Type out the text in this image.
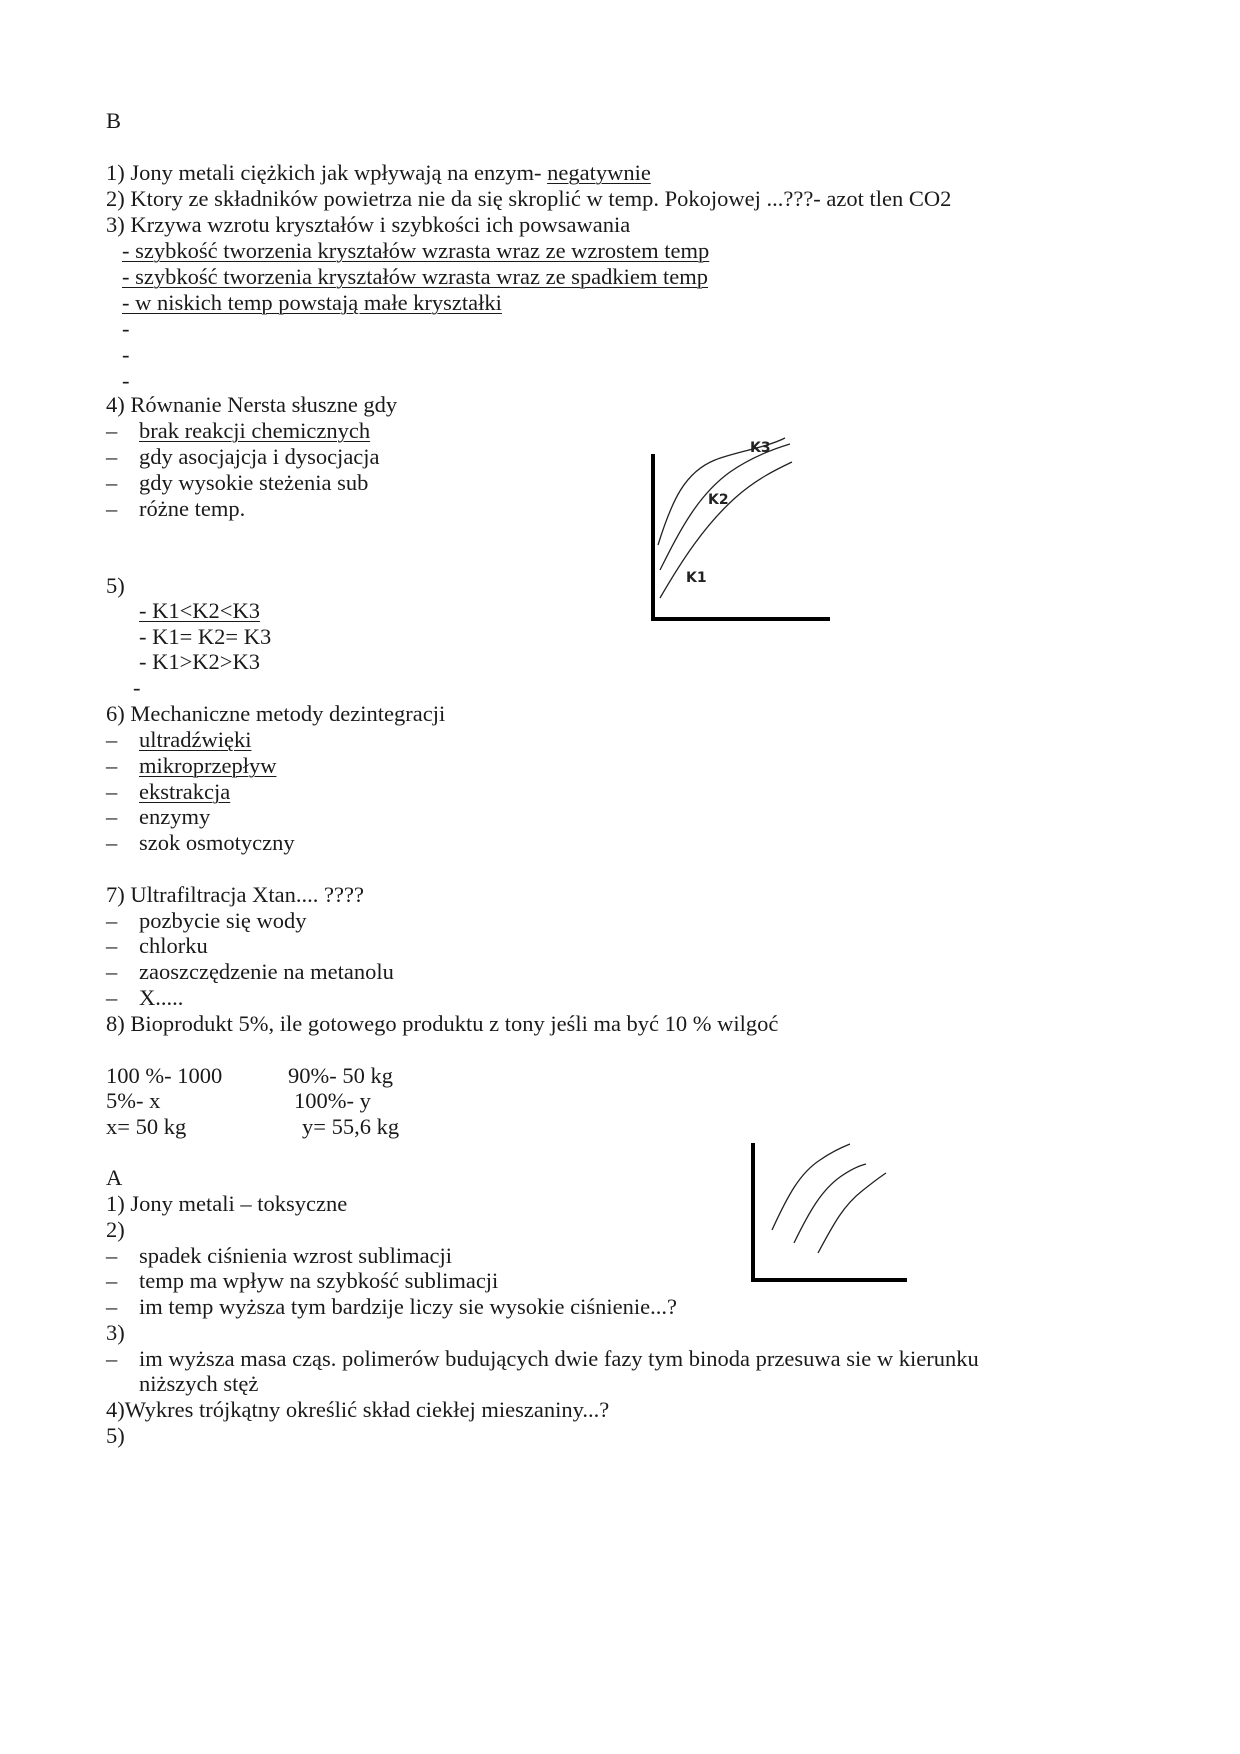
B
1) Jony metali ciężkich jak wpływają na enzym- negatywnie
2) Ktory ze składników powietrza nie da się skroplić w temp. Pokojowej ...???- azot tlen CO2
3) Krzywa wzrotu kryształów i szybkości ich powsawania
- szybkość tworzenia kryształów wzrasta wraz ze wzrostem temp
- szybkość tworzenia kryształów wzrasta wraz ze spadkiem temp
- w niskich temp powstają małe kryształki
-
-
-
4) Równanie Nersta słuszne gdy
– brak reakcji chemicznych
– gdy asocjajcja i dysocjacja
– gdy wysokie steżenia sub
– różne temp.
K1
K2
K3
5)
- K1<K2<K3
- K1= K2= K3
- K1>K2>K3
-
6) Mechaniczne metody dezintegracji
– ultradźwięki
– mikroprzepływ
– ekstrakcja
– enzymy
– szok osmotyczny
7) Ultrafiltracja Xtan.... ????
– pozbycie się wody
– chlorku
– zaoszczędzenie na metanolu
– X.....
8) Bioprodukt 5%, ile gotowego produktu z tony jeśli ma być 10 % wilgoć
100 %- 1000	90%- 50 kg
5%- x	100%- y
x= 50 kg	y= 55,6 kg
A
1) Jony metali – toksyczne
2)
– spadek ciśnienia wzrost sublimacji
– temp ma wpływ na szybkość sublimacji
– im temp wyższa tym bardzije liczy sie wysokie ciśnienie...?
3)
– im wyższa masa cząs. polimerów budujących dwie fazy tym binoda przesuwa sie w kierunku
niższych stęż
4)Wykres trójkątny określić skład ciekłej mieszaniny...?
5)
